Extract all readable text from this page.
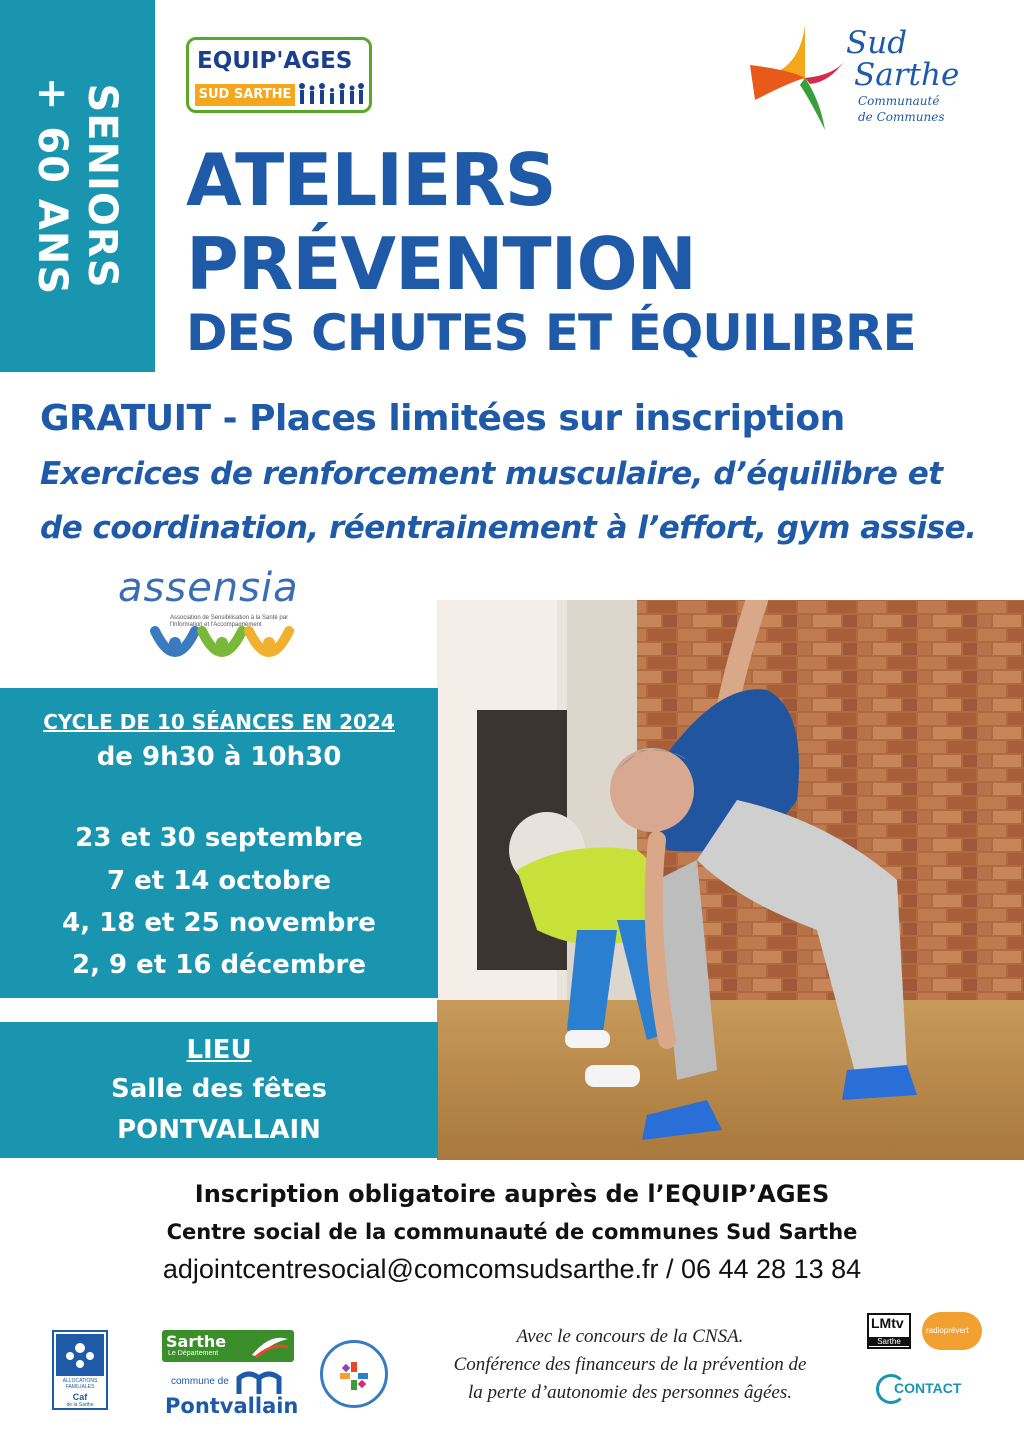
SENIORS
+ 60 ANS
EQUIP'AGES
SUD SARTHE
Sud
Sarthe
Communauté
de Communes
ATELIERS
PRÉVENTION
DES CHUTES ET ÉQUILIBRE
GRATUIT - Places limitées sur inscription
Exercices de renforcement musculaire, d’équilibre et
de coordination, réentrainement à l’effort, gym assise.
assensia
Association de Sensibilisation à la Santé par l'Information et l'Accompagnement
CYCLE DE 10 SÉANCES EN 2024
de 9h30 à 10h30
23 et 30 septembre
7 et 14 octobre
4, 18 et 25 novembre
2, 9 et 16 décembre
LIEU
Salle des fêtes
PONTVALLAIN
Inscription obligatoire auprès de l’EQUIP’AGES
Centre social de la communauté de communes Sud Sarthe
adjointcentresocial@comcomsudsarthe.fr / 06 44 28 13 84
ALLOCATIONS FAMILIALES
Caf
de la Sarthe
Sarthe
Le Département
commune de
Pontvallain
Avec le concours de la CNSA.
Conférence des financeurs de la prévention de
la perte d’autonomie des personnes âgées.
LMtv
Sarthe
radioprévert
CONTACT
